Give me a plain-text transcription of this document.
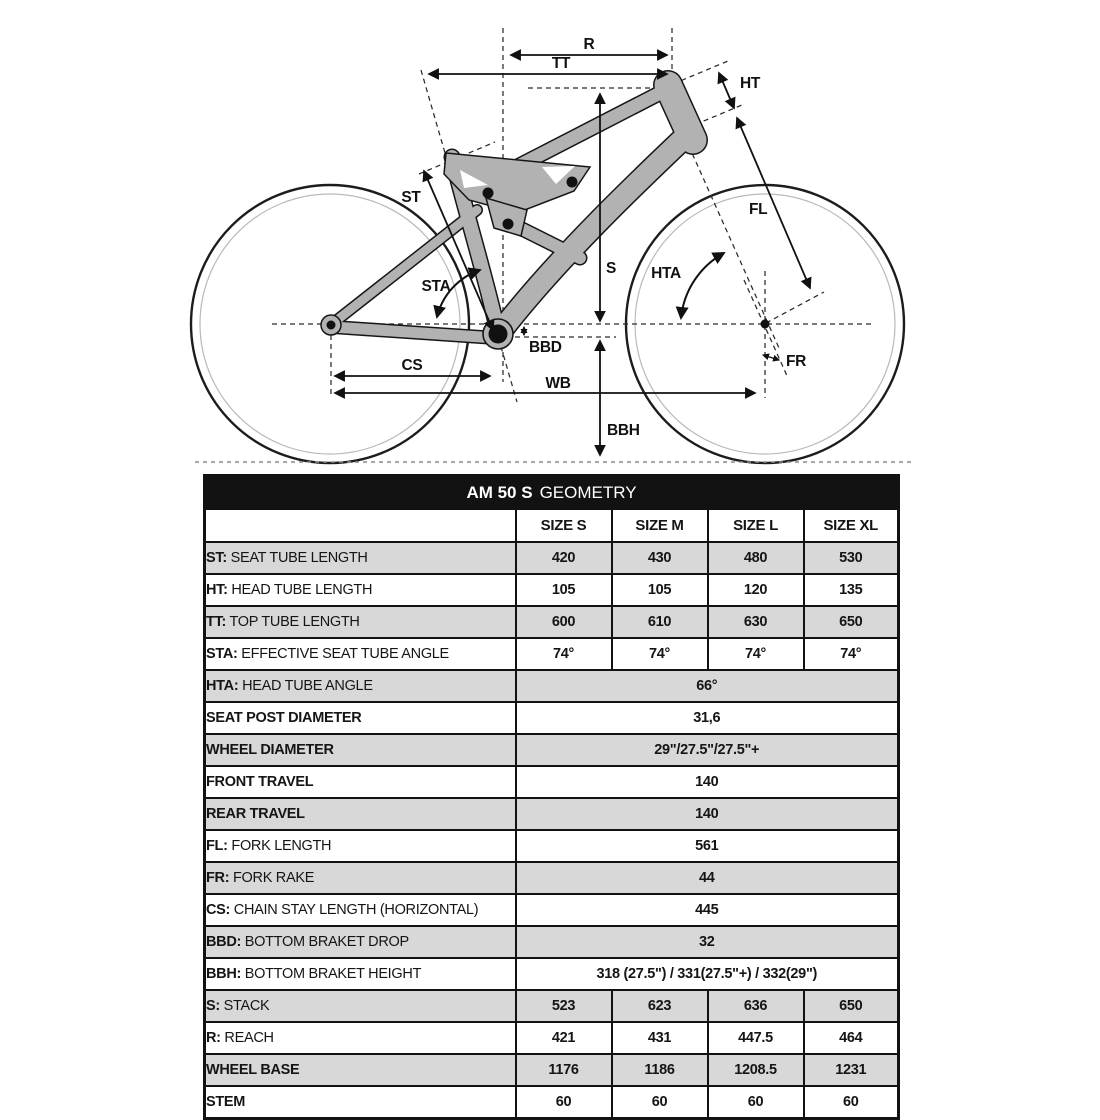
R
TT
HT
ST
S
STA
HTA
FL
FR
BBD
CS
WB
BBH
AM 50 S GEOMETRY				
	SIZE S	SIZE M	SIZE L	SIZE XL
ST: SEAT TUBE LENGTH	420	430	480	530
HT: HEAD TUBE LENGTH	105	105	120	135
TT: TOP TUBE LENGTH	600	610	630	650
STA: EFFECTIVE SEAT TUBE ANGLE	74°	74°	74°	74°
HTA: HEAD TUBE ANGLE	66°			
SEAT POST DIAMETER	31,6			
WHEEL DIAMETER	29"/27.5"/27.5"+			
FRONT TRAVEL	140			
REAR TRAVEL	140			
FL: FORK LENGTH	561			
FR: FORK RAKE	44			
CS: CHAIN STAY LENGTH (HORIZONTAL)	445			
BBD: BOTTOM BRAKET DROP	32			
BBH: BOTTOM BRAKET HEIGHT	318 (27.5") / 331(27.5"+) / 332(29")			
S: STACK	523	623	636	650
R: REACH	421	431	447.5	464
WHEEL BASE	1176	1186	1208.5	1231
STEM	60	60	60	60
